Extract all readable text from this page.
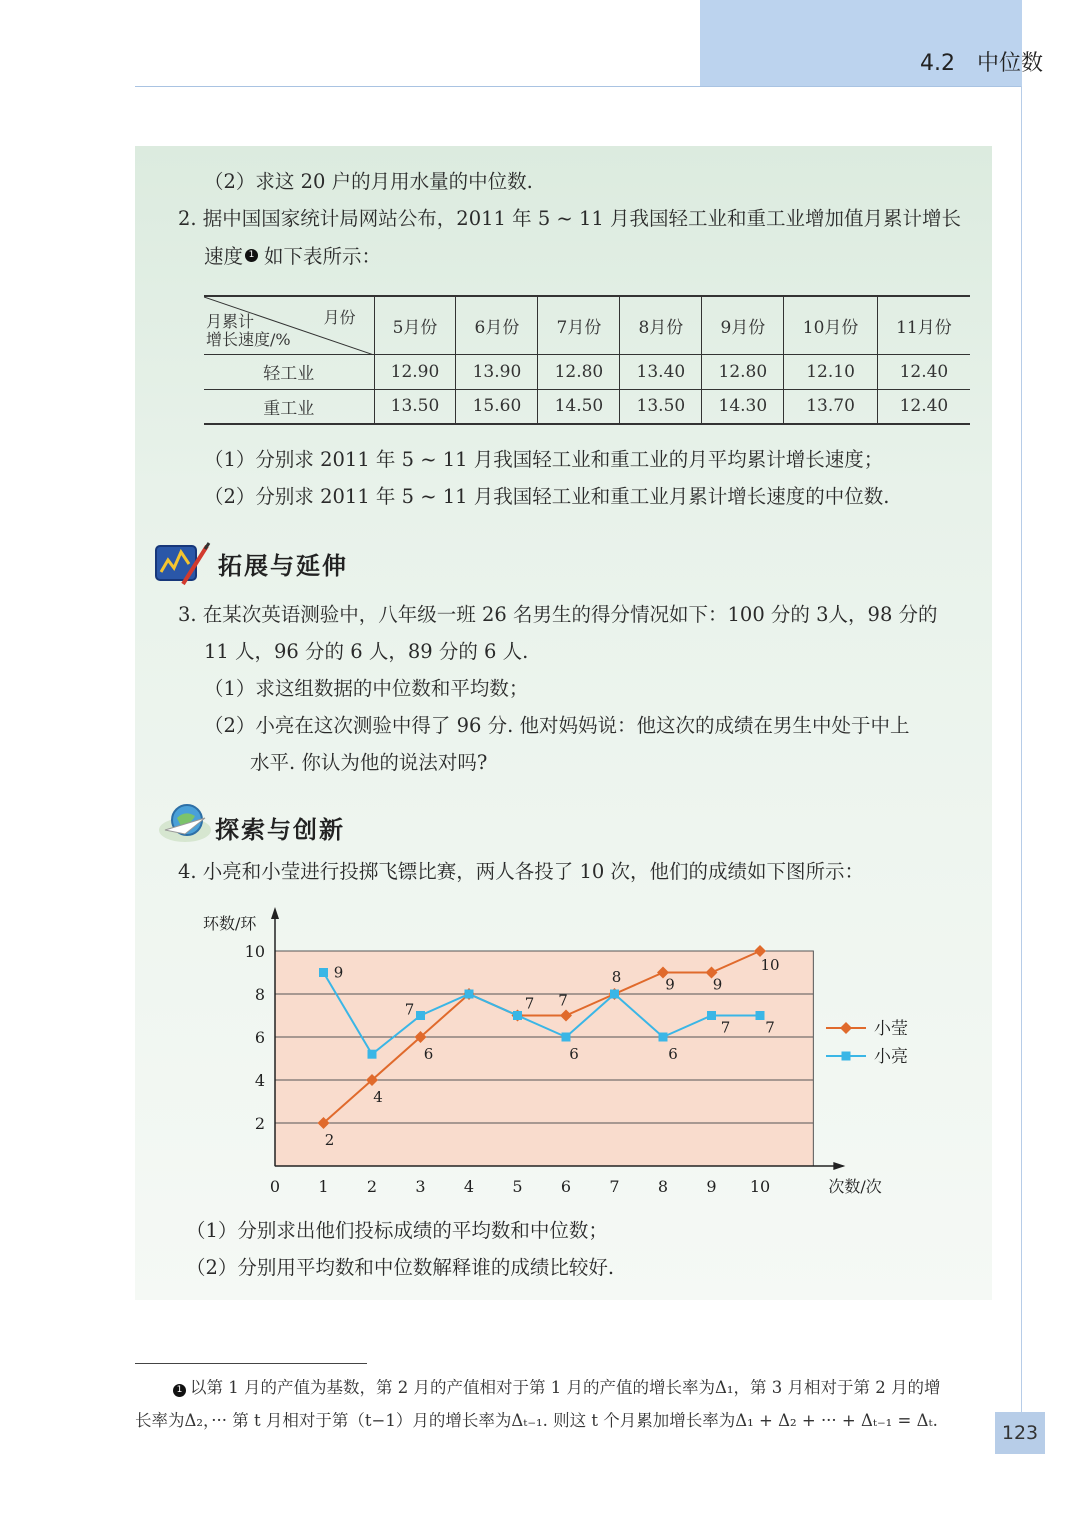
4.2　中位数
（2）求这 20 户的月用水量的中位数.
2. 据中国国家统计局网站公布，2011 年 5 ~ 11 月我国轻工业和重工业增加值月累计增长
速度 1 如下表所示：
月份
月累计
增长速度/%	5月份	6月份	7月份	8月份	9月份	10月份	11月份
轻工业	12.90	13.90	12.80	13.40	12.80	12.10	12.40
重工业	13.50	15.60	14.50	13.50	14.30	13.70	12.40
（1）分别求 2011 年 5 ~ 11 月我国轻工业和重工业的月平均累计增长速度；
（2）分别求 2011 年 5 ~ 11 月我国轻工业和重工业月累计增长速度的中位数.
拓展与延伸
3. 在某次英语测验中，八年级一班 26 名男生的得分情况如下：100 分的 3人，98 分的
11 人，96 分的 6 人，89 分的 6 人.
（1）求这组数据的中位数和平均数；
（2）小亮在这次测验中得了 96 分. 他对妈妈说：他这次的成绩在男生中处于中上
水平. 你认为他的说法对吗?
探索与创新
4. 小亮和小莹进行投掷飞镖比赛，两人各投了 10 次，他们的成绩如下图所示：
2
4
6
8
10
0 1 2 3 4 5 6 7 8 9 10
环数/环
次数/次
2
4
6
7
9	9
10
9
7	7
6
8
6
7 7	小莹
小亮
（1）分别求出他们投标成绩的平均数和中位数；
（2）分别用平均数和中位数解释谁的成绩比较好.
1 以第 1 月的产值为基数，第 2 月的产值相对于第 1 月的产值的增长率为Δ₁，第 3 月相对于第 2 月的增
长率为Δ₂，··· 第 t 月相对于第（t−1）月的增长率为Δₜ₋₁. 则这 t 个月累加增长率为Δ₁ + Δ₂ + ··· + Δₜ₋₁ = Δₜ.
123
